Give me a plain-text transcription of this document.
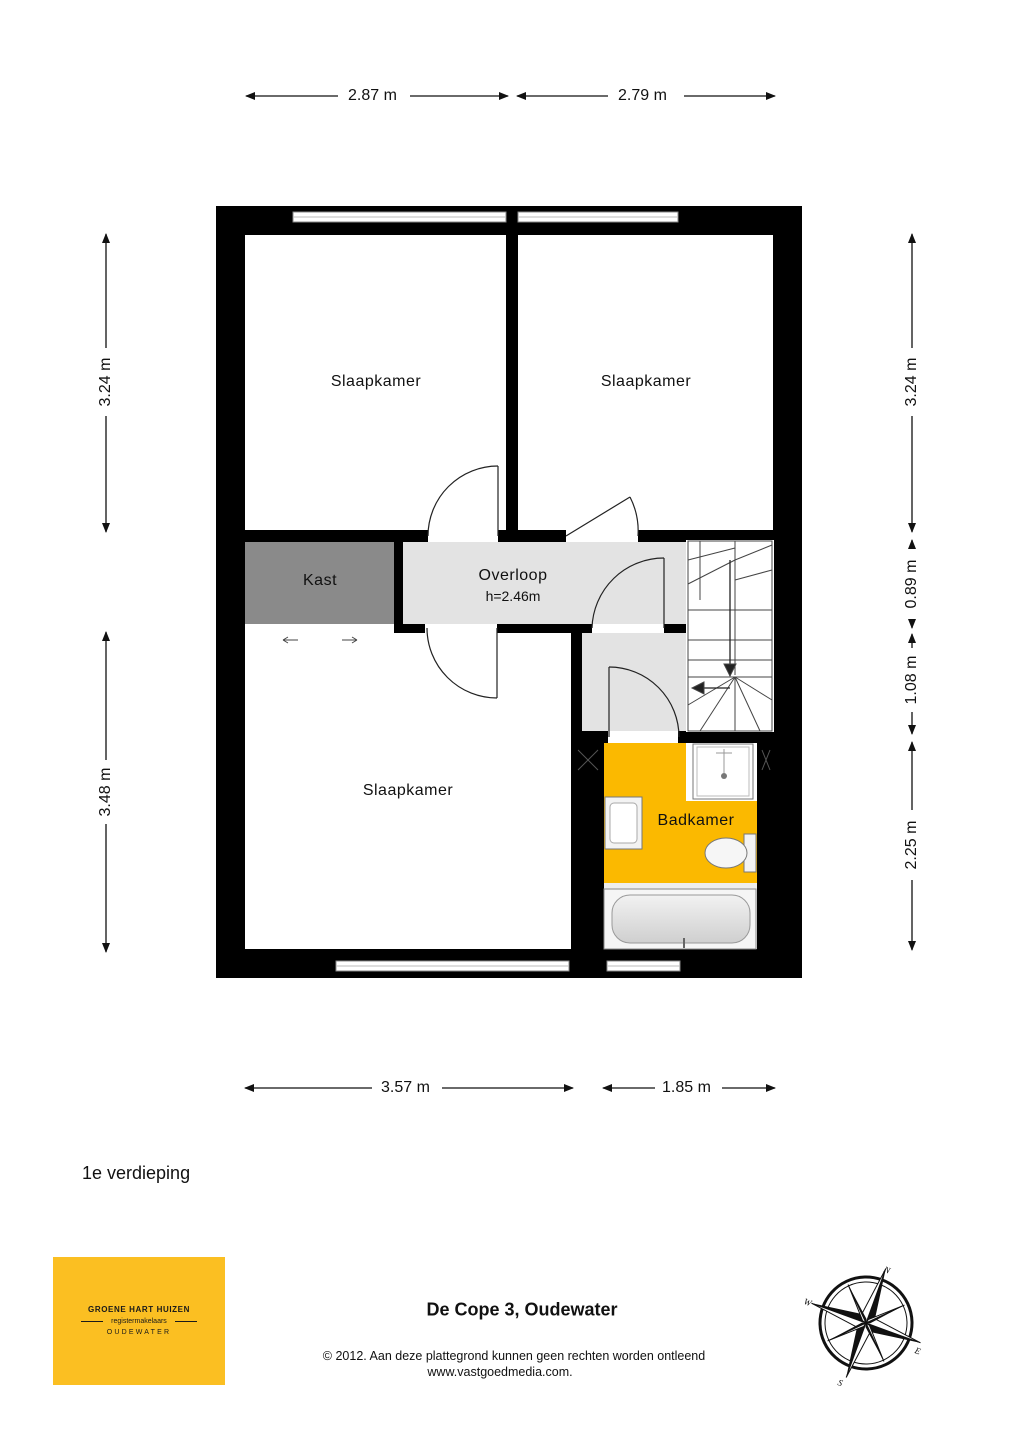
N
E
S
W
2.87 m	2.79 m
3.57 m	1.85 m
3.24 m
3.48 m
3.24 m
0.89 m
1.08 m
2.25 m
Slaapkamer	Slaapkamer
Kast	Overloop
h=2.46m
Slaapkamer
Badkamer
1e verdieping
GROENE HART HUIZEN
registermakelaars
OUDEWATER
De Cope 3, Oudewater
© 2012. Aan deze plattegrond kunnen geen rechten worden ontleend
www.vastgoedmedia.com.
